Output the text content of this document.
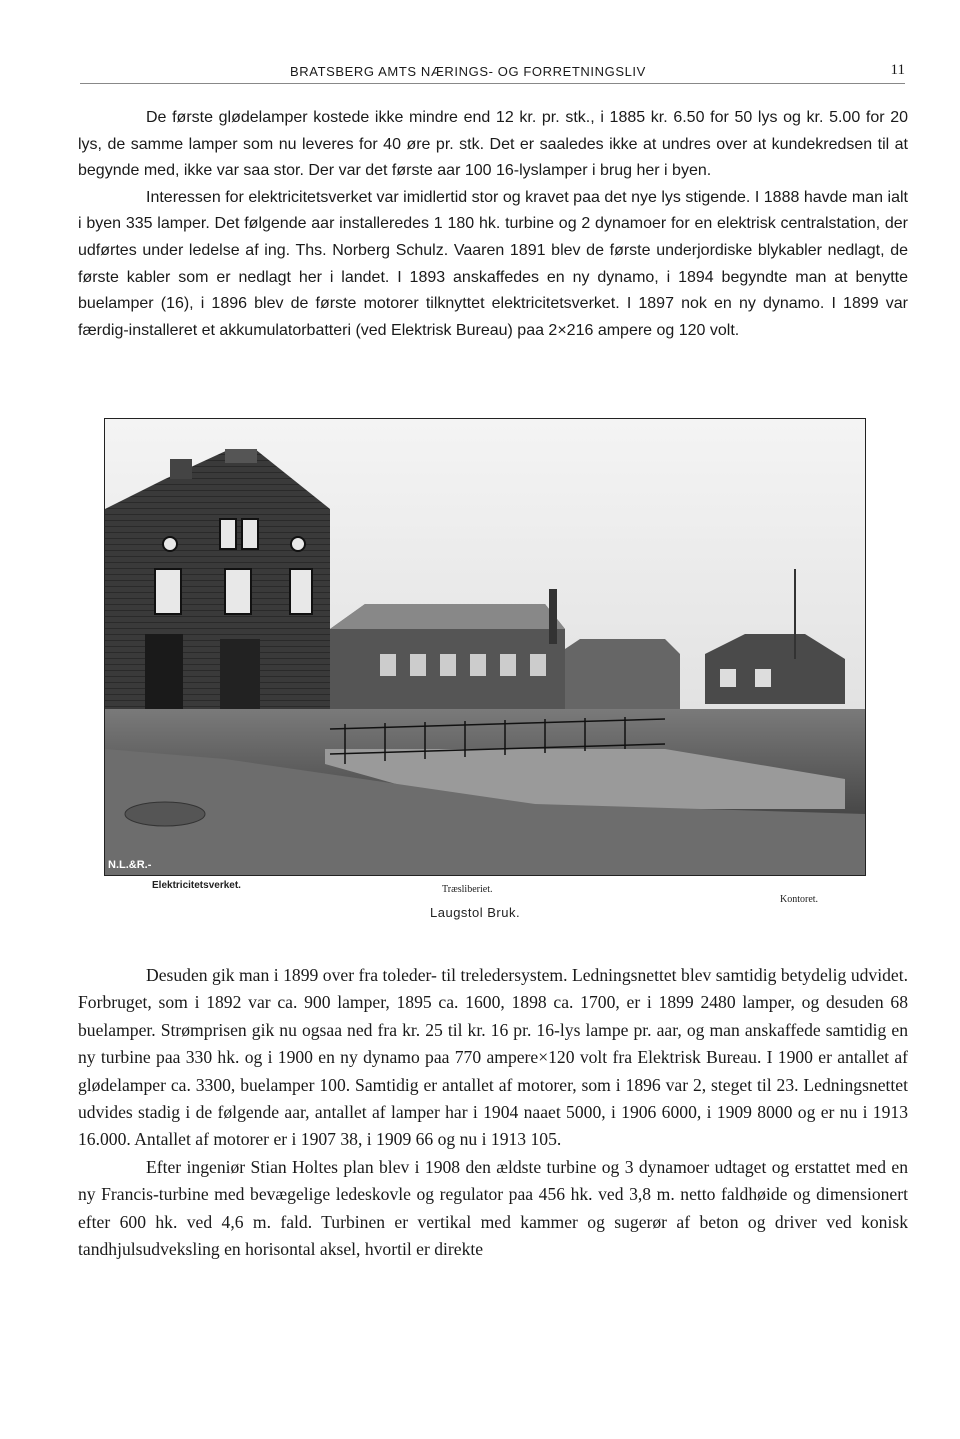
BRATSBERG AMTS NÆRINGS- OG FORRETNINGSLIV	11

De første glødelamper kostede ikke mindre end 12 kr. pr. stk., i 1885 kr. 6.50 for 50 lys og kr. 5.00 for 20 lys, de samme lamper som nu leveres for 40 øre pr. stk. Det er saaledes ikke at undres over at kundekredsen til at begynde med, ikke var saa stor. Der var det første aar 100 16-lyslamper i brug her i byen.

Interessen for elektricitetsverket var imidlertid stor og kravet paa det nye lys stigende. I 1888 havde man ialt i byen 335 lamper. Det følgende aar installeredes 1 180 hk. turbine og 2 dynamoer for en elektrisk centralstation, der udførtes under ledelse af ing. Ths. Norberg Schulz. Vaaren 1891 blev de første underjordiske blykabler nedlagt, de første kabler som er nedlagt her i landet. I 1893 anskaffedes en ny dynamo, i 1894 begyndte man at benytte buelamper (16), i 1896 blev de første motorer tilknyttet elektricitetsverket. I 1897 nok en ny dynamo. I 1899 var færdig-installeret et akkumulatorbatteri (ved Elektrisk Bureau) paa 2×216 ampere og 120 volt.

N.L.&R.-
Elektricitetsverket.	Træsliberiet.
Kontoret.
Laugstol Bruk.

Desuden gik man i 1899 over fra toleder- til treledersystem. Ledningsnettet blev samtidig betydelig udvidet. Forbruget, som i 1892 var ca. 900 lamper, 1895 ca. 1600, 1898 ca. 1700, er i 1899 2480 lamper, og desuden 68 buelamper. Strømprisen gik nu ogsaa ned fra kr. 25 til kr. 16 pr. 16-lys lampe pr. aar, og man anskaffede samtidig en ny turbine paa 330 hk. og i 1900 en ny dynamo paa 770 ampere×120 volt fra Elektrisk Bureau. I 1900 er antallet af glødelamper ca. 3300, buelamper 100. Samtidig er antallet af motorer, som i 1896 var 2, steget til 23. Ledningsnettet udvides stadig i de følgende aar, antallet af lamper har i 1904 naaet 5000, i 1906 6000, i 1909 8000 og er nu i 1913 16.000. Antallet af motorer er i 1907 38, i 1909 66 og nu i 1913 105.

Efter ingeniør Stian Holtes plan blev i 1908 den ældste turbine og 3 dynamoer udtaget og erstattet med en ny Francis-turbine med bevægelige ledeskovle og regulator paa 456 hk. ved 3,8 m. netto faldhøide og dimensionert efter 600 hk. ved 4,6 m. fald. Turbinen er vertikal med kammer og sugerør af beton og driver ved konisk tandhjulsudveksling en horisontal aksel, hvortil er direkte
